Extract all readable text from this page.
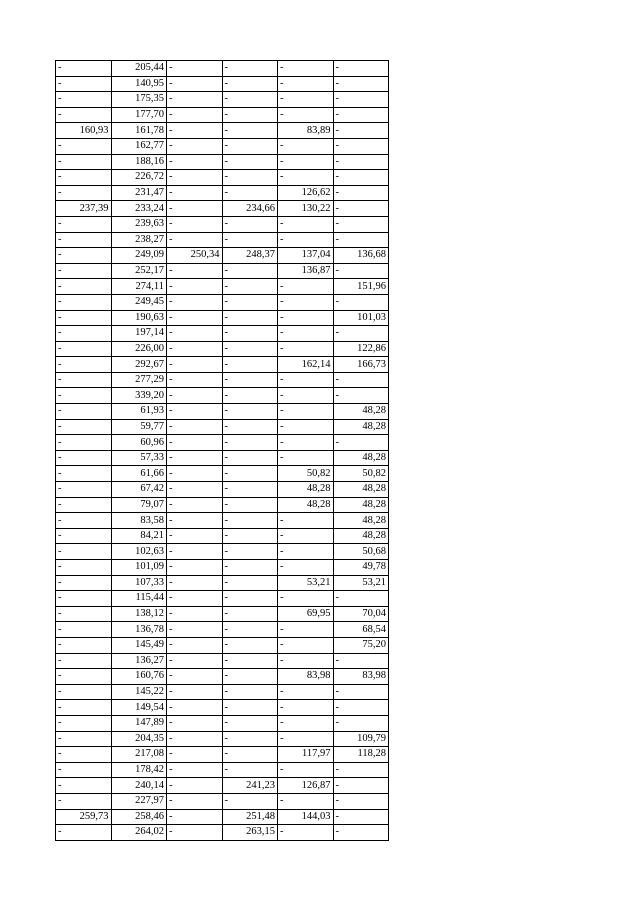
-	205,44	-	-	-	-
-	140,95	-	-	-	-
-	175,35	-	-	-	-
-	177,70	-	-	-	-
160,93	161,78	-	-	83,89	-
-	162,77	-	-	-	-
-	188,16	-	-	-	-
-	226,72	-	-	-	-
-	231,47	-	-	126,62	-
237,39	233,24	-	234,66	130,22	-
-	239,63	-	-	-	-
-	238,27	-	-	-	-
-	249,09	250,34	248,37	137,04	136,68
-	252,17	-	-	136,87	-
-	274,11	-	-	-	151,96
-	249,45	-	-	-	-
-	190,63	-	-	-	101,03
-	197,14	-	-	-	-
-	226,00	-	-	-	122,86
-	292,67	-	-	162,14	166,73
-	277,29	-	-	-	-
-	339,20	-	-	-	-
-	61,93	-	-	-	48,28
-	59,77	-	-	-	48,28
-	60,96	-	-	-	-
-	57,33	-	-	-	48,28
-	61,66	-	-	50,82	50,82
-	67,42	-	-	48,28	48,28
-	79,07	-	-	48,28	48,28
-	83,58	-	-	-	48,28
-	84,21	-	-	-	48,28
-	102,63	-	-	-	50,68
-	101,09	-	-	-	49,78
-	107,33	-	-	53,21	53,21
-	115,44	-	-	-	-
-	138,12	-	-	69,95	70,04
-	136,78	-	-	-	68,54
-	145,49	-	-	-	75,20
-	136,27	-	-	-	-
-	160,76	-	-	83,98	83,98
-	145,22	-	-	-	-
-	149,54	-	-	-	-
-	147,89	-	-	-	-
-	204,35	-	-	-	109,79
-	217,08	-	-	117,97	118,28
-	178,42	-	-	-	-
-	240,14	-	241,23	126,87	-
-	227,97	-	-	-	-
259,73	258,46	-	251,48	144,03	-
-	264,02	-	263,15	-	-
